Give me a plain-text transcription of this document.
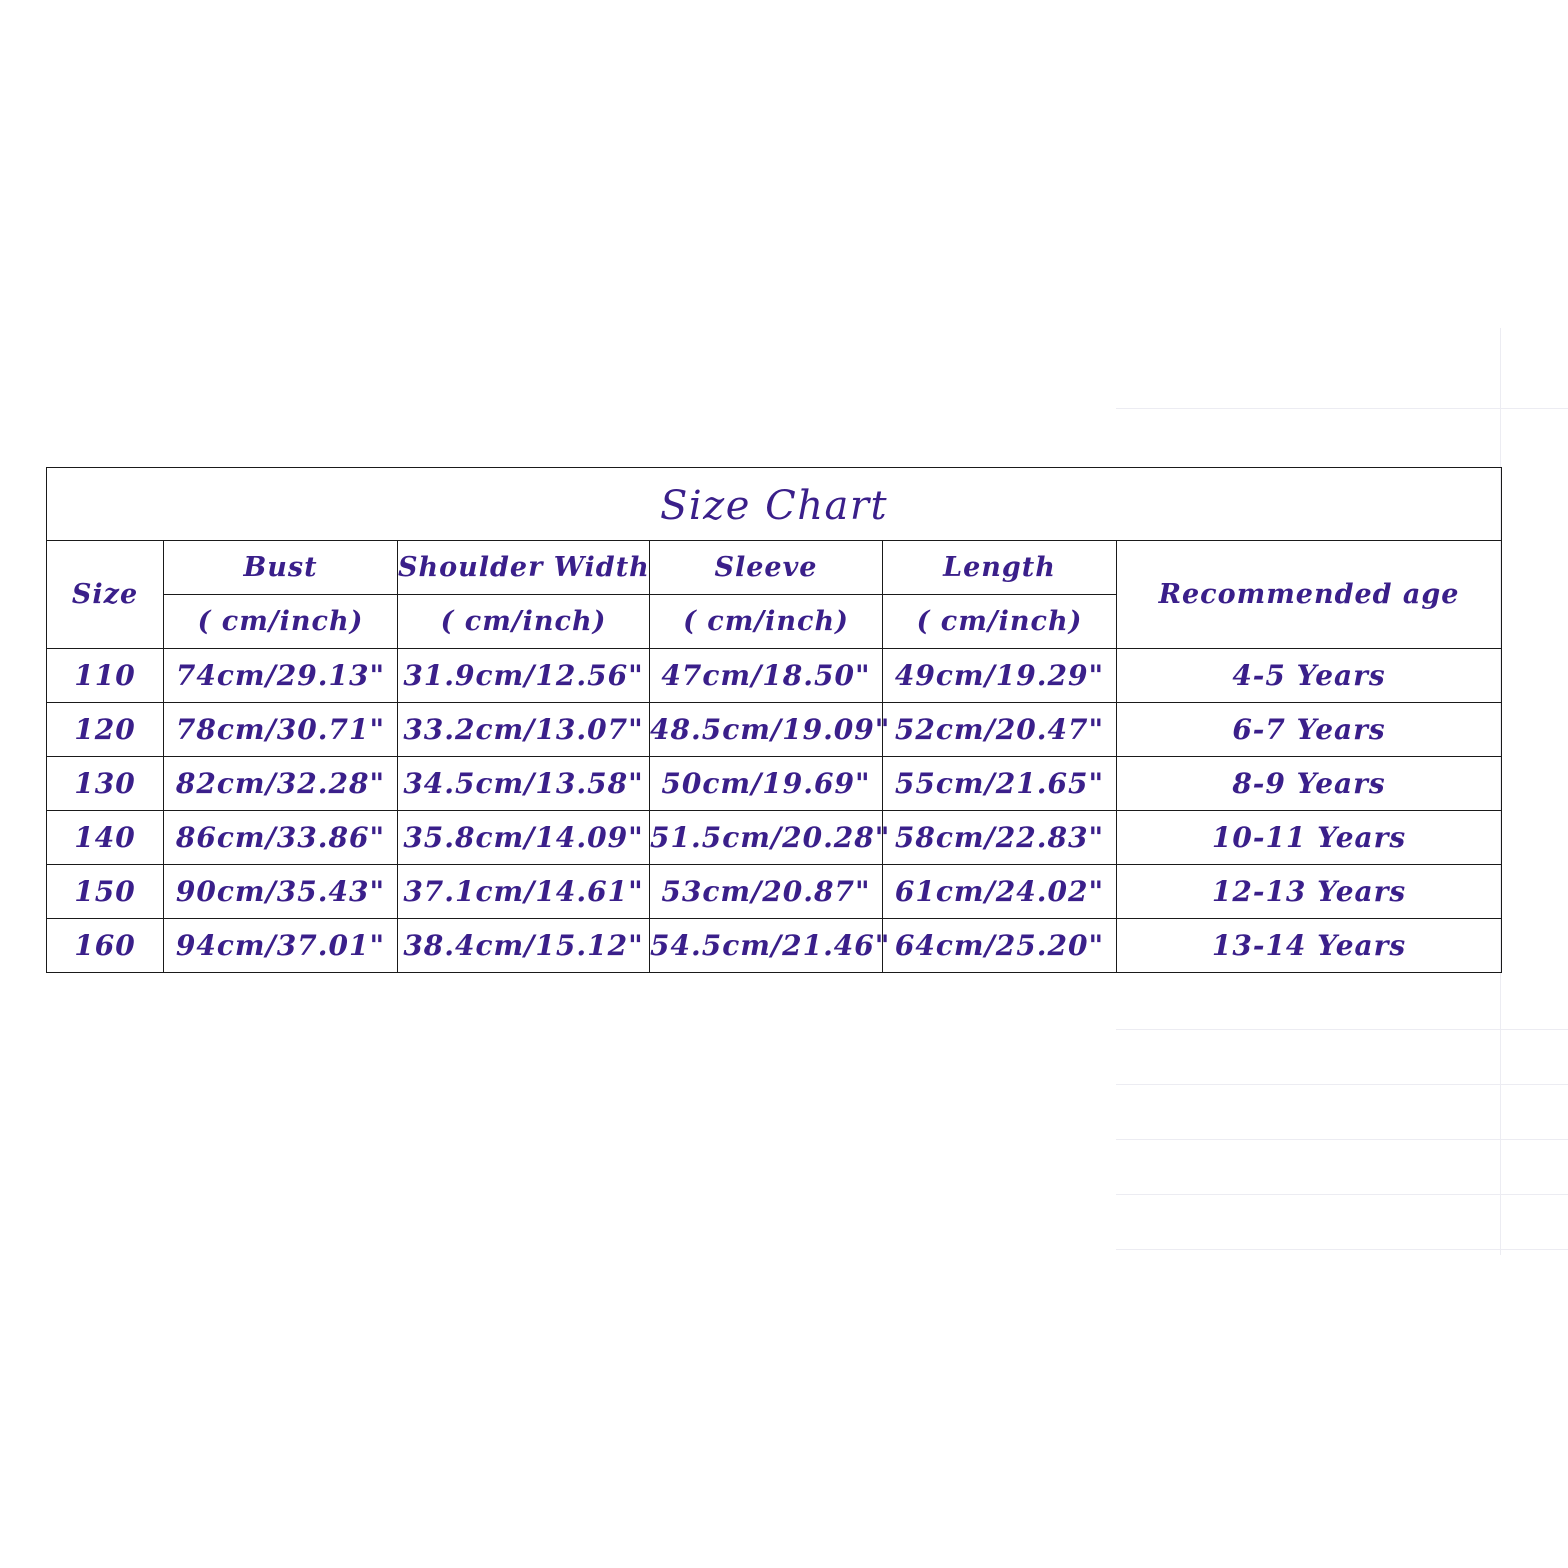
Size Chart					
Size	Bust	Shoulder Width	Sleeve	Length	Recommended age
	( cm/inch)	( cm/inch)	( cm/inch)	( cm/inch)	
110	74cm/29.13"	31.9cm/12.56"	47cm/18.50"	49cm/19.29"	4-5 Years
120	78cm/30.71"	33.2cm/13.07"	48.5cm/19.09"	52cm/20.47"	6-7 Years
130	82cm/32.28"	34.5cm/13.58"	50cm/19.69"	55cm/21.65"	8-9 Years
140	86cm/33.86"	35.8cm/14.09"	51.5cm/20.28"	58cm/22.83"	10-11 Years
150	90cm/35.43"	37.1cm/14.61"	53cm/20.87"	61cm/24.02"	12-13 Years
160	94cm/37.01"	38.4cm/15.12"	54.5cm/21.46"	64cm/25.20"	13-14 Years
